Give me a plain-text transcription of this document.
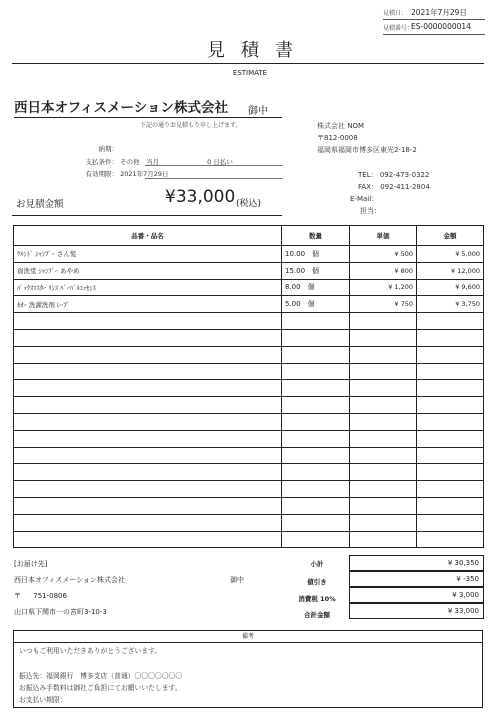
見積日： 2021年7月29日
見積番号：
ES-0000000014
見積書
ESTIMATE
西日本オフィスメーション株式会社 御中
下記の通りお見積もり申し上げます。
納期：
支払条件： その他　当月	0 日払い
有効期限： 2021年7月29日
お見積金額	¥33,000 (税込)
株式会社 NOM
〒812-0008
福岡県福岡市博多区東光2-18-2
TEL： 092-473-0322
FAX： 092-411-2804
E-Mail：
担当：
品番・品名	数量	単価	金額
ｸﾙﾝﾄﾞ ｼｬﾝﾌﾟｰ さん髪	10.00　 個	¥ 500	¥ 5,000
資洗堂 ｼｬﾝﾌﾟｰ あやめ	15.00　 個	¥ 800	¥ 12,000
ﾊﾟｯｸｽﾏｽﾀｰ ﾘﾝｽ ﾊﾞｰﾊﾞﾙｴｯｾﾝｽ	8.00　 個	¥ 1,200	¥ 9,600
ｶｵｰ 洗濯洗剤 ﾚｰﾌﾞ	5.00　 個	¥ 750	¥ 3,750

[お届け先]
西日本オフィスメーション株式会社	御中
〒 751-0806
山口県下関市一の宮町3-10-3
小計	¥ 30,350
値引き	¥ -350
消費税 10%	¥ 3,000
合計金額	¥ 33,000
備考
いつもご利用いただきありがとうございます。
振込先：福岡銀行　博多支店（普通）〇〇〇〇〇〇〇
お振込み手数料は御社ご負担にてお願いいたします。
お支払い期限：
